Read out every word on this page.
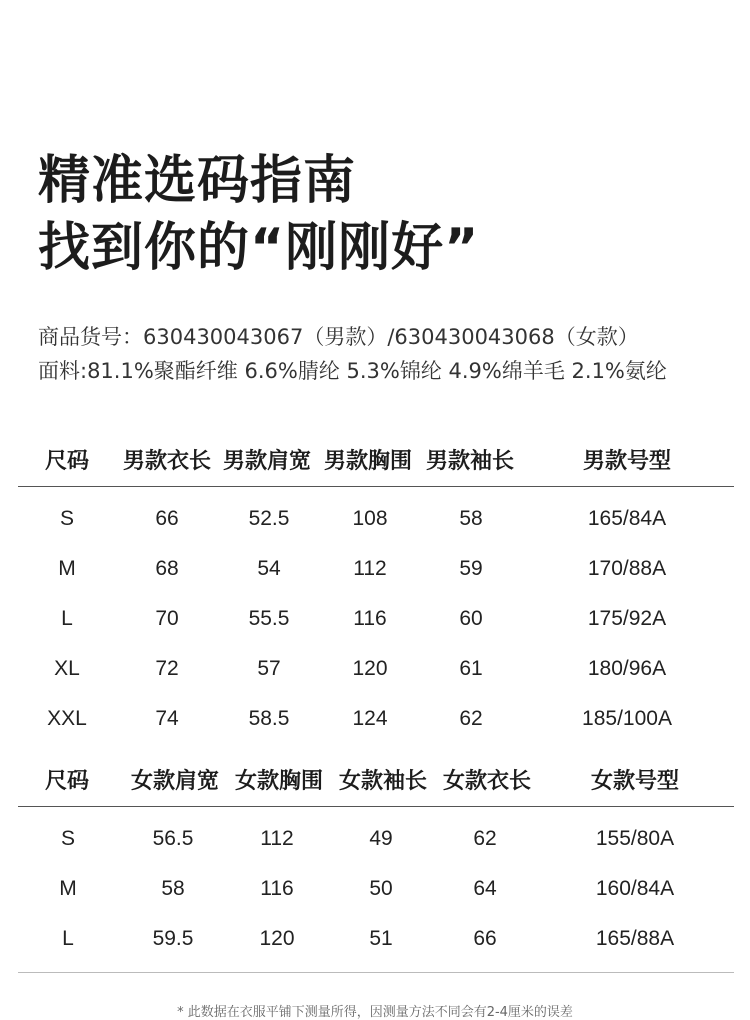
精准选码指南
找到你的“刚刚好”
商品货号：630430043067（男款）/630430043068（女款）
面料:81.1%聚酯纤维 6.6%腈纶 5.3%锦纶 4.9%绵羊毛 2.1%氨纶
尺码 男款衣长 男款肩宽 男款胸围 男款袖长	男款号型
S	66	52.5	108	58	165/84A
M	68	54	112	59	170/88A
L	70	55.5	116	60	175/92A
XL	72	57	120	61	180/96A
XXL	74	58.5	124	62	185/100A
尺码 女款肩宽 女款胸围 女款袖长 女款衣长	女款号型
S	56.5	112	49	62	155/80A
M	58	116	50	64	160/84A
L	59.5	120	51	66	165/88A
* 此数据在衣服平铺下测量所得，因测量方法不同会有2-4厘米的误差
